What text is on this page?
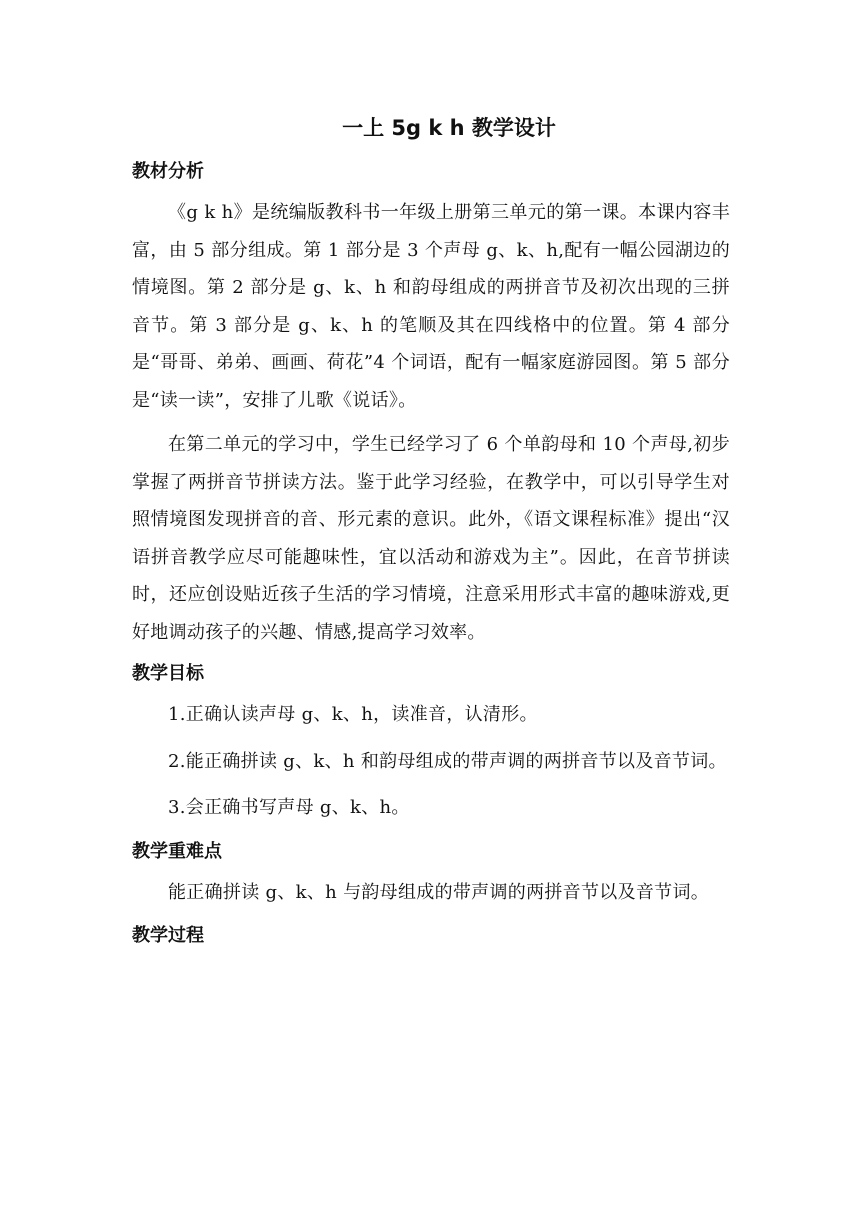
一上 5g k h 教学设计
教材分析

《g k h》是统编版教科书一年级上册第三单元的第一课。本课内容丰富，由 5 部分组成。第 1 部分是 3 个声母 g、k、h,配有一幅公园湖边的情境图。第 2 部分是 g、k、h 和韵母组成的两拼音节及初次出现的三拼音节。第 3 部分是 g、k、h 的笔顺及其在四线格中的位置。第 4 部分是“哥哥、弟弟、画画、荷花”4 个词语，配有一幅家庭游园图。第 5 部分是“读一读”，安排了儿歌《说话》。

在第二单元的学习中，学生已经学习了 6 个单韵母和 10 个声母,初步掌握了两拼音节拼读方法。鉴于此学习经验，在教学中，可以引导学生对照情境图发现拼音的音、形元素的意识。此外，《语文课程标准》提出“汉语拼音教学应尽可能趣味性，宜以活动和游戏为主”。因此，在音节拼读时，还应创设贴近孩子生活的学习情境，注意采用形式丰富的趣味游戏,更好地调动孩子的兴趣、情感,提高学习效率。

教学目标

1.正确认读声母 g、k、h，读准音，认清形。

2.能正确拼读 g、k、h 和韵母组成的带声调的两拼音节以及音节词。

3.会正确书写声母 g、k、h。

教学重难点

能正确拼读 g、k、h 与韵母组成的带声调的两拼音节以及音节词。

教学过程
